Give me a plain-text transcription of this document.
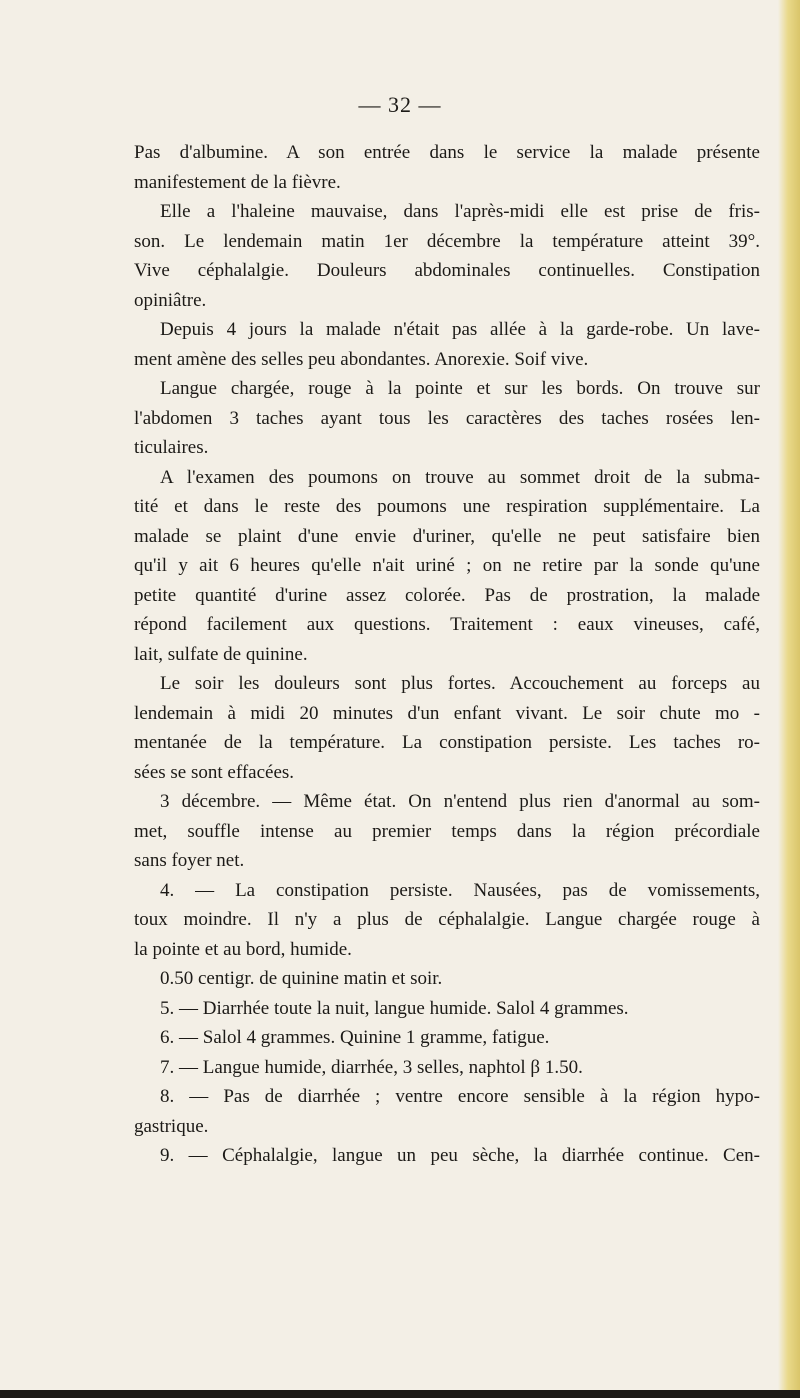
— 32 —
Pas d'albumine. A son entrée dans le service la malade présente
manifestement de la fièvre.
Elle a l'haleine mauvaise, dans l'après-midi elle est prise de fris-
son. Le lendemain matin 1er décembre la température atteint 39°.
Vive céphalalgie. Douleurs abdominales continuelles. Constipation
opiniâtre.
Depuis 4 jours la malade n'était pas allée à la garde-robe. Un lave-
ment amène des selles peu abondantes. Anorexie. Soif vive.
Langue chargée, rouge à la pointe et sur les bords. On trouve sur
l'abdomen 3 taches ayant tous les caractères des taches rosées len-
ticulaires.
A l'examen des poumons on trouve au sommet droit de la subma-
tité et dans le reste des poumons une respiration supplémentaire. La
malade se plaint d'une envie d'uriner, qu'elle ne peut satisfaire bien
qu'il y ait 6 heures qu'elle n'ait uriné ; on ne retire par la sonde qu'une
petite quantité d'urine assez colorée. Pas de prostration, la malade
répond facilement aux questions. Traitement : eaux vineuses, café,
lait, sulfate de quinine.
Le soir les douleurs sont plus fortes. Accouchement au forceps au
lendemain à midi 20 minutes d'un enfant vivant. Le soir chute mo -
mentanée de la température. La constipation persiste. Les taches ro-
sées se sont effacées.
3 décembre. — Même état. On n'entend plus rien d'anormal au som-
met, souffle intense au premier temps dans la région précordiale
sans foyer net.
4. — La constipation persiste. Nausées, pas de vomissements,
toux moindre. Il n'y a plus de céphalalgie. Langue chargée rouge à
la pointe et au bord, humide.
0.50 centigr. de quinine matin et soir.
5. — Diarrhée toute la nuit, langue humide. Salol 4 grammes.
6. — Salol 4 grammes. Quinine 1 gramme, fatigue.
7. — Langue humide, diarrhée, 3 selles, naphtol β 1.50.
8. — Pas de diarrhée ; ventre encore sensible à la région hypo-
gastrique.
9. — Céphalalgie, langue un peu sèche, la diarrhée continue. Cen-
